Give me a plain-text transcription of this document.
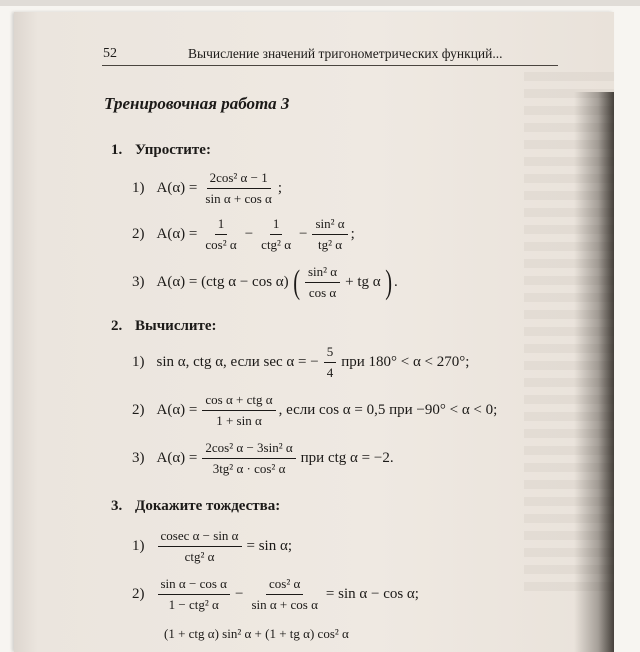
52	Вычисление значений тригонометрических функций...
Тренировочная работа 3
1. Упростите:
1) $A(\alpha) = \frac{\text{2cos² α − 1}}{\text{sin α + cos α}}$ ;
2) $A(\alpha) = \frac{1}{\text{cos² α}} - \frac{1}{\text{ctg² α}} - \frac{\text{sin² α}}{\text{tg² α}}$ ;
3) A(α) = (ctg α − cos α) ( $\frac{\text{sin² α}}{\text{cos α}}$ + tg α ) .
2. Вычислите:
1) sin α, ctg α, если sec α = − $\frac{5}{4}$ при 180° < α < 270°;
2) $A(\alpha) = \frac{\text{cos α + ctg α}}{\text{1 + sin α}}$ , если cos α = 0,5 при −90° < α < 0;
3) $A(\alpha) = \frac{\text{2cos² α − 3sin² α}}{\text{3tg² α · cos² α}}$ при ctg α = −2.
3. Докажите тождества:
$1) \frac{\text{cosec α − sin α}}{\text{ctg² α}} = \sin \alpha$;
$2) \frac{\text{sin α − cos α}}{\text{1 − ctg² α}} - \frac{\text{cos² α}}{\text{sin α + cos α}} = \sin \alpha - \cos \alpha$;
(1 + ctg α) sin² α + (1 + tg α) cos² α
